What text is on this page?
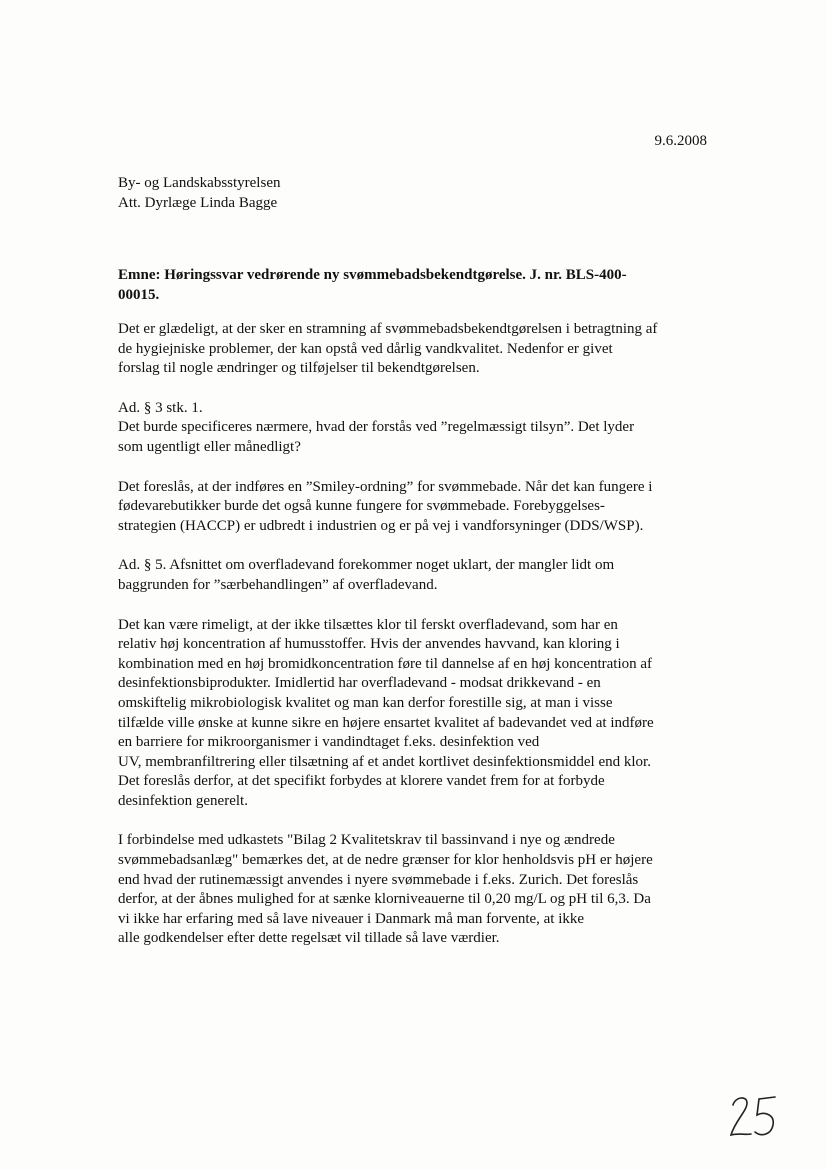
9.6.2008
By- og Landskabsstyrelsen
Att. Dyrlæge Linda Bagge
Emne: Høringssvar vedrørende ny svømmebadsbekendtgørelse. J. nr. BLS-400-
00015.

Det er glædeligt, at der sker en stramning af svømmebadsbekendtgørelsen i betragtning af
de hygiejniske problemer, der kan opstå ved dårlig vandkvalitet. Nedenfor er givet
forslag til nogle ændringer og tilføjelser til bekendtgørelsen.

Ad. § 3 stk. 1.
Det burde specificeres nærmere, hvad der forstås ved ”regelmæssigt tilsyn”. Det lyder
som ugentligt eller månedligt?

Det foreslås, at der indføres en ”Smiley-ordning” for svømmebade. Når det kan fungere i
fødevarebutikker burde det også kunne fungere for svømmebade. Forebyggelses-
strategien (HACCP) er udbredt i industrien og er på vej i vandforsyninger (DDS/WSP).

Ad. § 5. Afsnittet om overfladevand forekommer noget uklart, der mangler lidt om
baggrunden for ”særbehandlingen” af overfladevand.

Det kan være rimeligt, at der ikke tilsættes klor til ferskt overfladevand, som har en
relativ høj koncentration af humusstoffer. Hvis der anvendes havvand, kan kloring i
kombination med en høj bromidkoncentration føre til dannelse af en høj koncentration af
desinfektionsbiprodukter. Imidlertid har overfladevand - modsat drikkevand - en
omskiftelig mikrobiologisk kvalitet og man kan derfor forestille sig, at man i visse
tilfælde ville ønske at kunne sikre en højere ensartet kvalitet af badevandet ved at indføre
en barriere for mikroorganismer i vandindtaget f.eks. desinfektion ved
UV, membranfiltrering eller tilsætning af et andet kortlivet desinfektionsmiddel end klor.
Det foreslås derfor, at det specifikt forbydes at klorere vandet frem for at forbyde
desinfektion generelt.

I forbindelse med udkastets "Bilag 2 Kvalitetskrav til bassinvand i nye og ændrede
svømmebadsanlæg" bemærkes det, at de nedre grænser for klor henholdsvis pH er højere
end hvad der rutinemæssigt anvendes i nyere svømmebade i f.eks. Zurich. Det foreslås
derfor, at der åbnes mulighed for at sænke klorniveauerne til 0,20 mg/L og pH til 6,3. Da
vi ikke har erfaring med så lave niveauer i Danmark må man forvente, at ikke
alle godkendelser efter dette regelsæt vil tillade så lave værdier.
